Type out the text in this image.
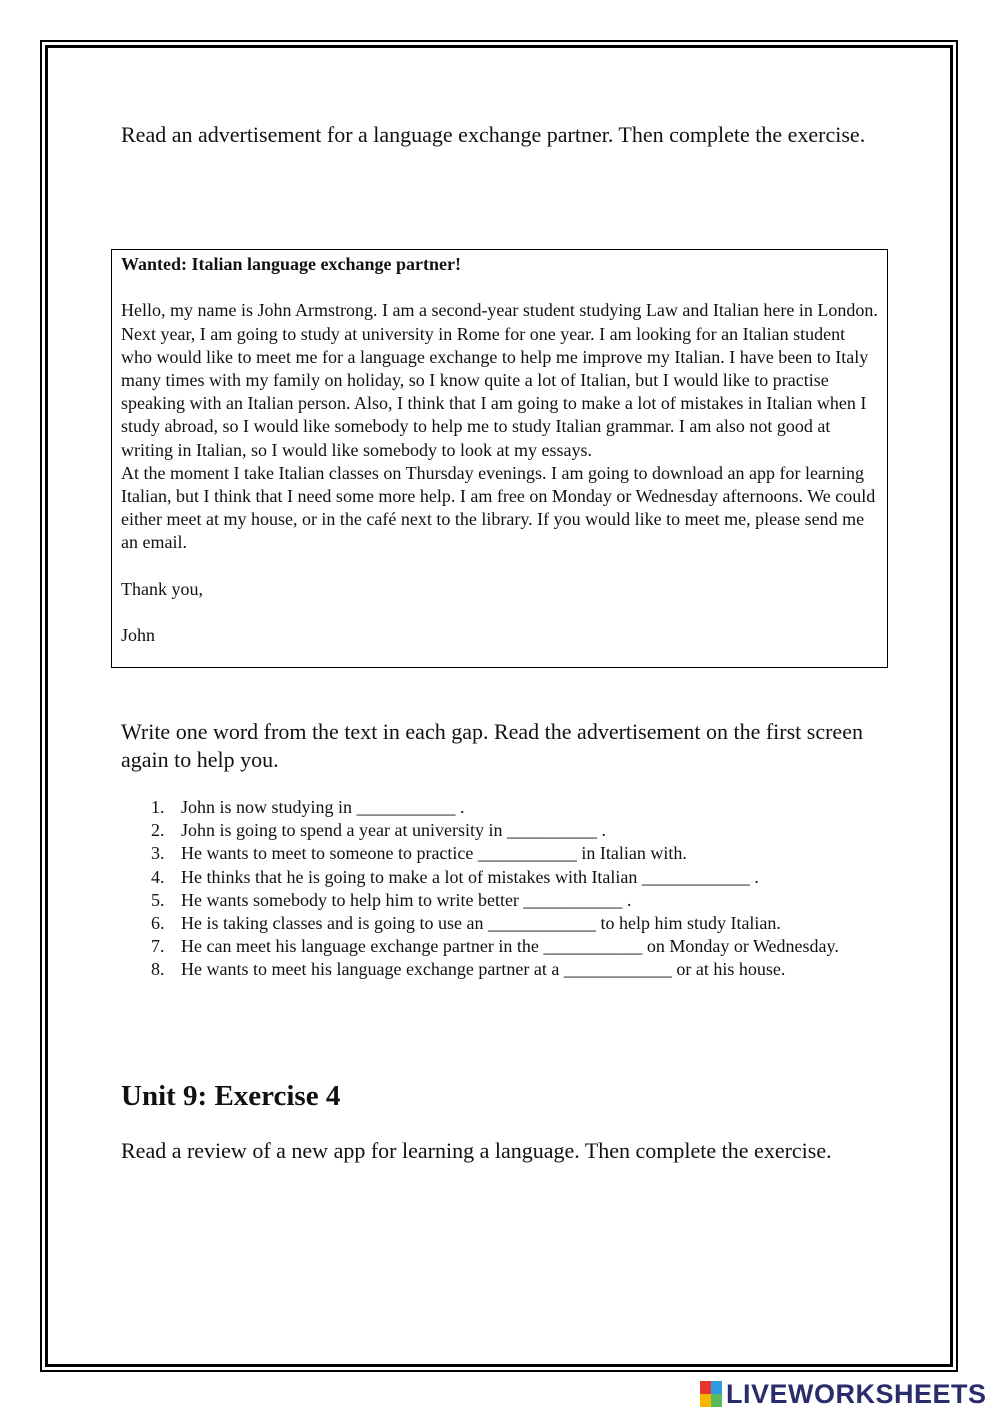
Read an advertisement for a language exchange partner. Then complete the exercise.

Wanted: Italian language exchange partner!

Hello, my name is John Armstrong. I am a second-year student studying Law and Italian here in London. Next year, I am going to study at university in Rome for one year. I am looking for an Italian student who would like to meet me for a language exchange to help me improve my Italian. I have been to Italy many times with my family on holiday, so I know quite a lot of Italian, but I would like to practise speaking with an Italian person. Also, I think that I am going to make a lot of mistakes in Italian when I study abroad, so I would like somebody to help me to study Italian grammar. I am also not good at writing in Italian, so I would like somebody to look at my essays.

At the moment I take Italian classes on Thursday evenings. I am going to download an app for learning Italian, but I think that I need some more help. I am free on Monday or Wednesday afternoons. We could either meet at my house, or in the café next to the library. If you would like to meet me, please send me an email.

Thank you,

John

Write one word from the text in each gap. Read the advertisement on the first screen again to help you.

1. John is now studying in ___________ .
2. John is going to spend a year at university in __________ .
3. He wants to meet to someone to practice ___________ in Italian with.
4. He thinks that he is going to make a lot of mistakes with Italian ____________ .
5. He wants somebody to help him to write better ___________ .
6. He is taking classes and is going to use an ____________ to help him study Italian.
7. He can meet his language exchange partner in the ___________ on Monday or Wednesday.
8. He wants to meet his language exchange partner at a ____________ or at his house.
Unit 9: Exercise 4

Read a review of a new app for learning a language. Then complete the exercise.

LIVEWORKSHEETS
